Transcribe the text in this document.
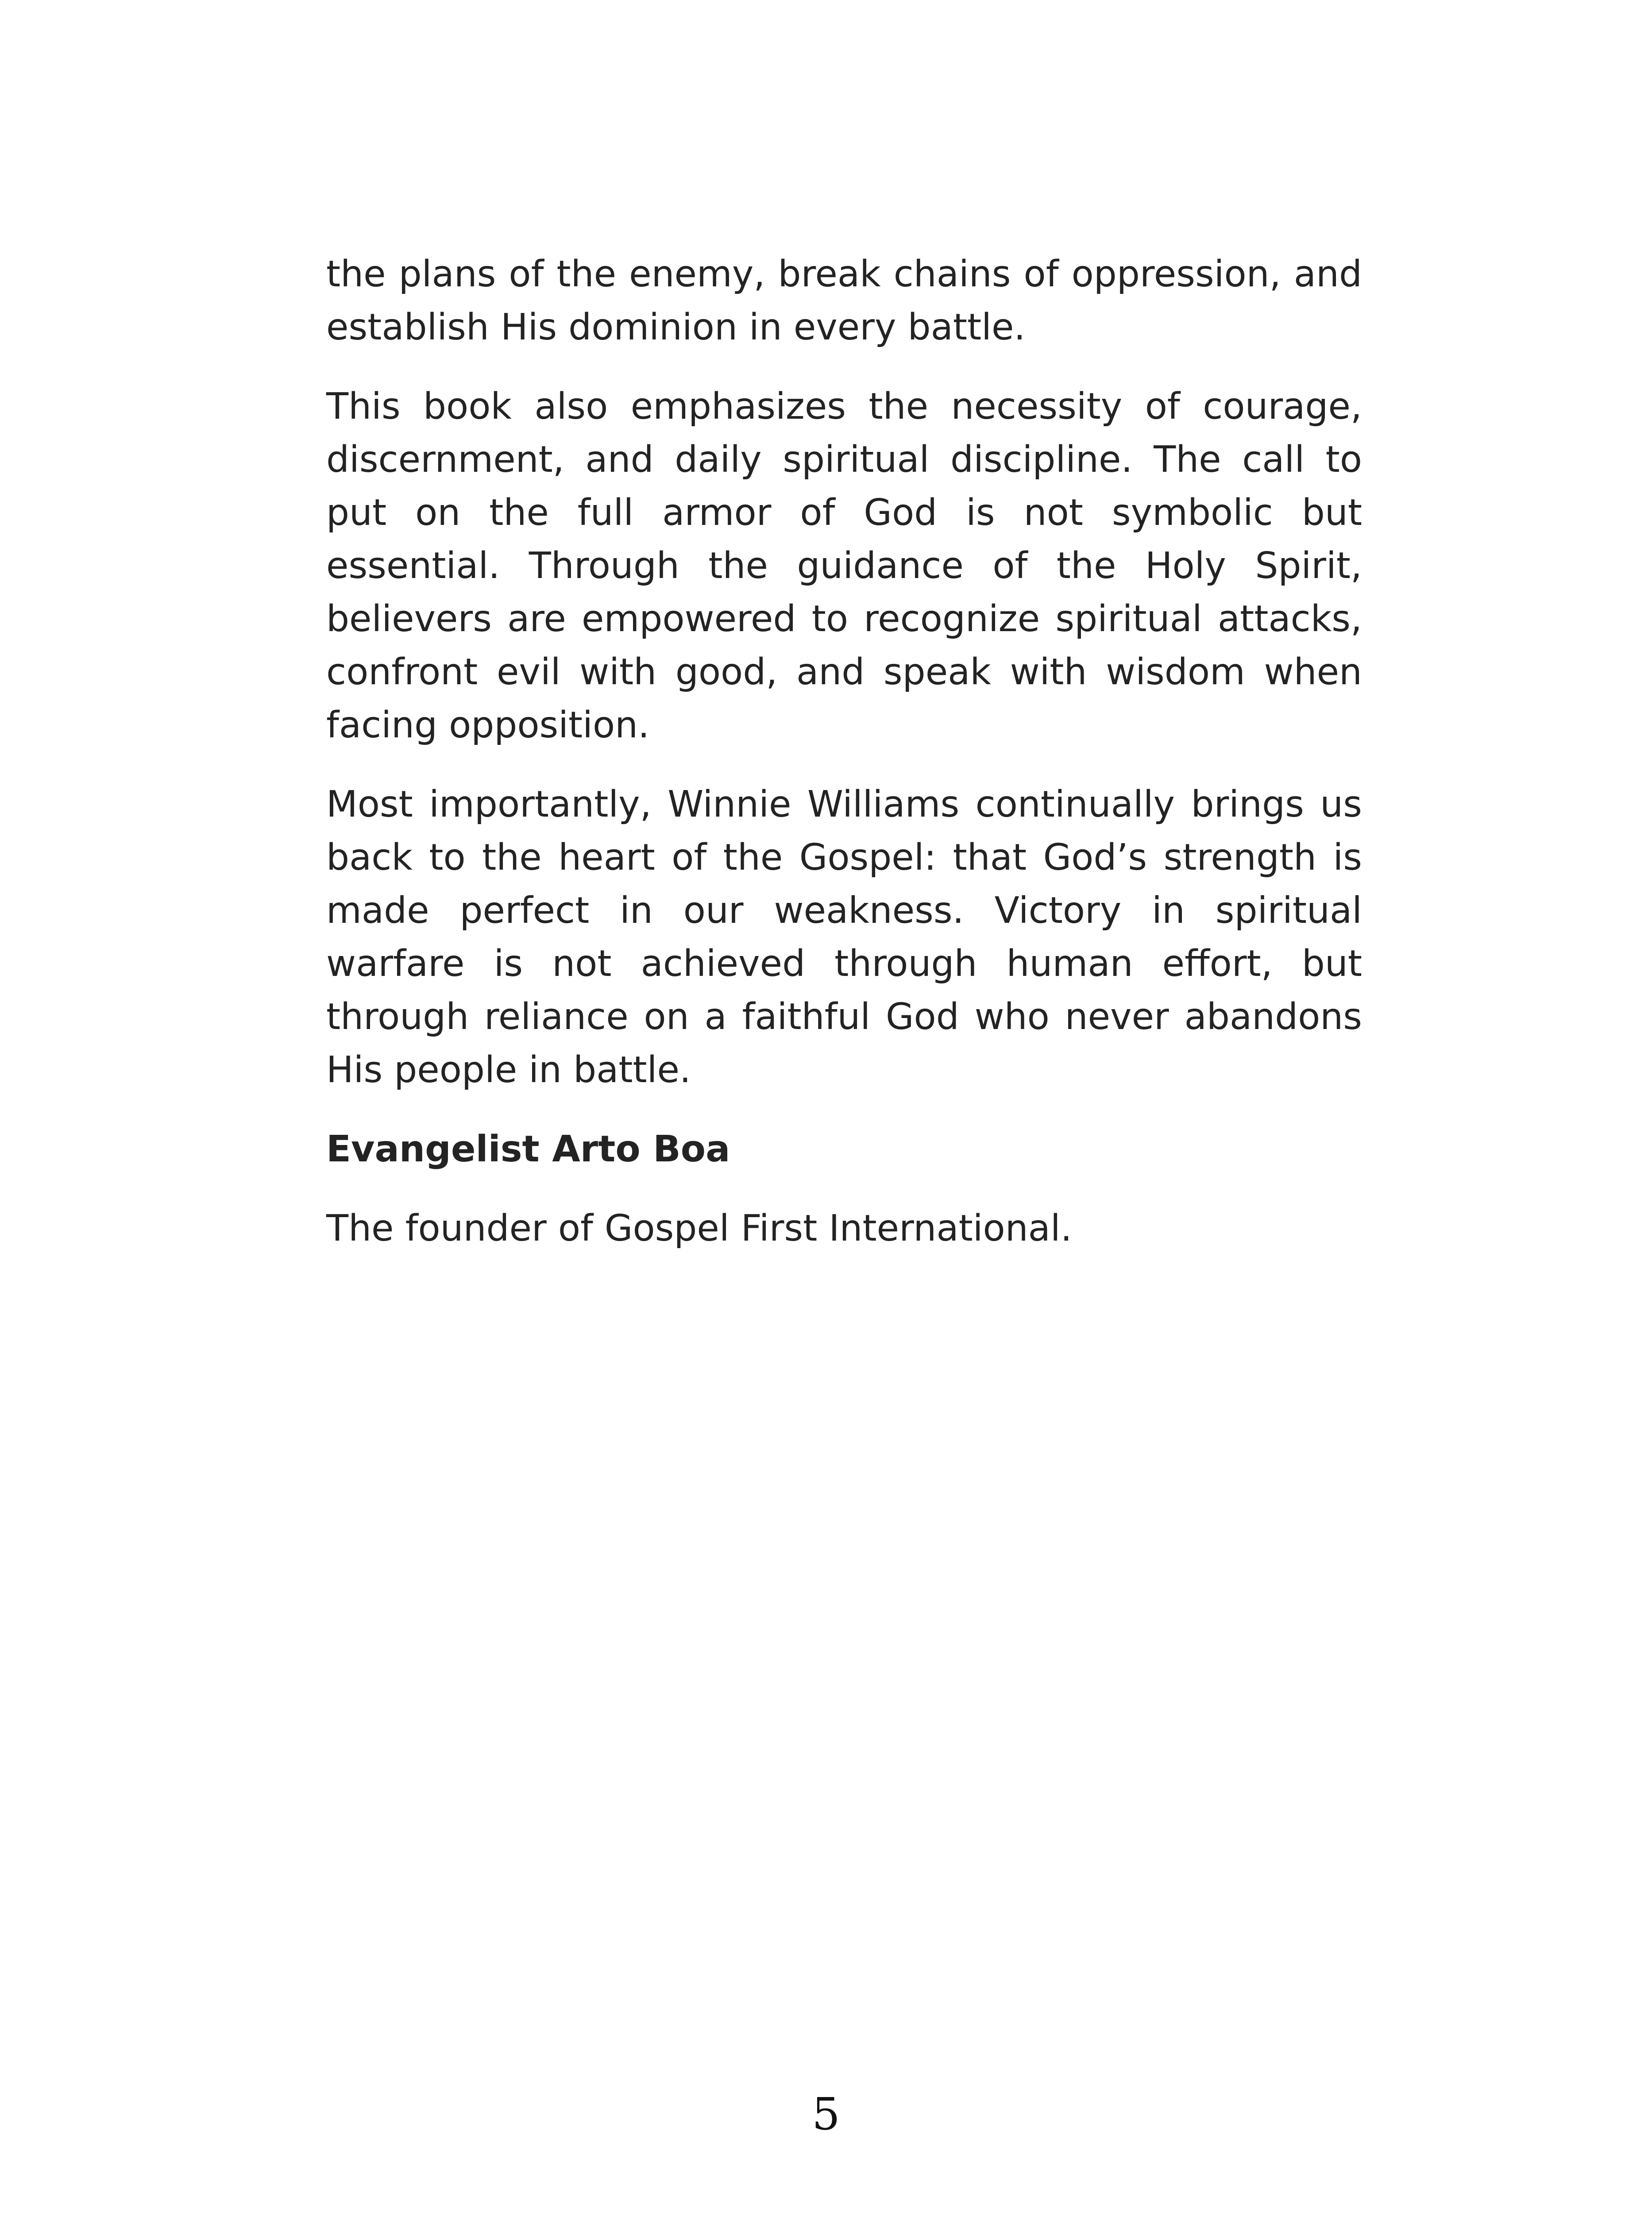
the plans of the enemy, break chains of oppression, and establish His dominion in every battle.

This book also emphasizes the necessity of courage, discernment, and daily spiritual discipline. The call to put on the full armor of God is not symbolic but essential. Through the guidance of the Holy Spirit, believers are empowered to recognize spiritual attacks, confront evil with good, and speak with wisdom when facing opposition.

Most importantly, Winnie Williams continually brings us back to the heart of the Gospel: that God’s strength is made perfect in our weakness. Victory in spiritual warfare is not achieved through human effort, but through reliance on a faithful God who never abandons His people in battle.

Evangelist Arto Boa

The founder of Gospel First International.

5
